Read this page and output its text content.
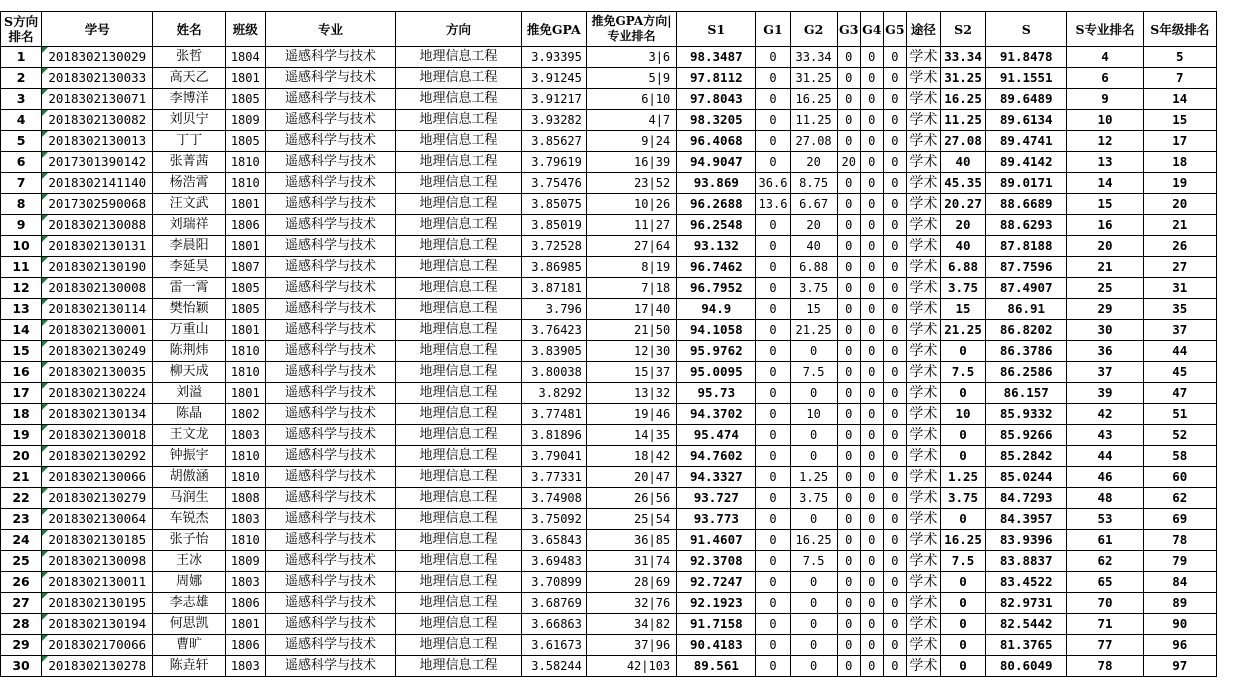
S方向排名	学号	姓名	班级	专业	方向	推免GPA	推免GPA方向|专业排名	S1	G1	G2	G3	G4	G5	途径	S2	S	S专业排名	S年级排名
1	2018302130029	张哲	1804	遥感科学与技术	地理信息工程	3.93395	3|6	98.3487	0	33.34	0	0	0	学术	33.34	91.8478	4	5
2	2018302130033	高天乙	1801	遥感科学与技术	地理信息工程	3.91245	5|9	97.8112	0	31.25	0	0	0	学术	31.25	91.1551	6	7
3	2018302130071	李博洋	1805	遥感科学与技术	地理信息工程	3.91217	6|10	97.8043	0	16.25	0	0	0	学术	16.25	89.6489	9	14
4	2018302130082	刘贝宁	1809	遥感科学与技术	地理信息工程	3.93282	4|7	98.3205	0	11.25	0	0	0	学术	11.25	89.6134	10	15
5	2018302130013	丁丁	1805	遥感科学与技术	地理信息工程	3.85627	9|24	96.4068	0	27.08	0	0	0	学术	27.08	89.4741	12	17
6	2017301390142	张菁茜	1810	遥感科学与技术	地理信息工程	3.79619	16|39	94.9047	0	20	20	0	0	学术	40	89.4142	13	18
7	2018302141140	杨浩霄	1810	遥感科学与技术	地理信息工程	3.75476	23|52	93.869	36.6	8.75	0	0	0	学术	45.35	89.0171	14	19
8	2017302590068	汪文武	1801	遥感科学与技术	地理信息工程	3.85075	10|26	96.2688	13.6	6.67	0	0	0	学术	20.27	88.6689	15	20
9	2018302130088	刘瑞祥	1806	遥感科学与技术	地理信息工程	3.85019	11|27	96.2548	0	20	0	0	0	学术	20	88.6293	16	21
10	2018302130131	李晨阳	1801	遥感科学与技术	地理信息工程	3.72528	27|64	93.132	0	40	0	0	0	学术	40	87.8188	20	26
11	2018302130190	李延昊	1807	遥感科学与技术	地理信息工程	3.86985	8|19	96.7462	0	6.88	0	0	0	学术	6.88	87.7596	21	27
12	2018302130008	雷一霄	1805	遥感科学与技术	地理信息工程	3.87181	7|18	96.7952	0	3.75	0	0	0	学术	3.75	87.4907	25	31
13	2018302130114	樊怡颖	1805	遥感科学与技术	地理信息工程	3.796	17|40	94.9	0	15	0	0	0	学术	15	86.91	29	35
14	2018302130001	万重山	1801	遥感科学与技术	地理信息工程	3.76423	21|50	94.1058	0	21.25	0	0	0	学术	21.25	86.8202	30	37
15	2018302130249	陈荆炜	1810	遥感科学与技术	地理信息工程	3.83905	12|30	95.9762	0	0	0	0	0	学术	0	86.3786	36	44
16	2018302130035	柳天成	1810	遥感科学与技术	地理信息工程	3.80038	15|37	95.0095	0	7.5	0	0	0	学术	7.5	86.2586	37	45
17	2018302130224	刘溢	1801	遥感科学与技术	地理信息工程	3.8292	13|32	95.73	0	0	0	0	0	学术	0	86.157	39	47
18	2018302130134	陈晶	1802	遥感科学与技术	地理信息工程	3.77481	19|46	94.3702	0	10	0	0	0	学术	10	85.9332	42	51
19	2018302130018	王文龙	1803	遥感科学与技术	地理信息工程	3.81896	14|35	95.474	0	0	0	0	0	学术	0	85.9266	43	52
20	2018302130292	钟振宇	1810	遥感科学与技术	地理信息工程	3.79041	18|42	94.7602	0	0	0	0	0	学术	0	85.2842	44	58
21	2018302130066	胡傲涵	1810	遥感科学与技术	地理信息工程	3.77331	20|47	94.3327	0	1.25	0	0	0	学术	1.25	85.0244	46	60
22	2018302130279	马润生	1808	遥感科学与技术	地理信息工程	3.74908	26|56	93.727	0	3.75	0	0	0	学术	3.75	84.7293	48	62
23	2018302130064	车锐杰	1803	遥感科学与技术	地理信息工程	3.75092	25|54	93.773	0	0	0	0	0	学术	0	84.3957	53	69
24	2018302130185	张子怡	1810	遥感科学与技术	地理信息工程	3.65843	36|85	91.4607	0	16.25	0	0	0	学术	16.25	83.9396	61	78
25	2018302130098	王冰	1809	遥感科学与技术	地理信息工程	3.69483	31|74	92.3708	0	7.5	0	0	0	学术	7.5	83.8837	62	79
26	2018302130011	周娜	1803	遥感科学与技术	地理信息工程	3.70899	28|69	92.7247	0	0	0	0	0	学术	0	83.4522	65	84
27	2018302130195	李志雄	1806	遥感科学与技术	地理信息工程	3.68769	32|76	92.1923	0	0	0	0	0	学术	0	82.9731	70	89
28	2018302130194	何思凯	1801	遥感科学与技术	地理信息工程	3.66863	34|82	91.7158	0	0	0	0	0	学术	0	82.5442	71	90
29	2018302170066	曹旷	1806	遥感科学与技术	地理信息工程	3.61673	37|96	90.4183	0	0	0	0	0	学术	0	81.3765	77	96
30	2018302130278	陈垚轩	1803	遥感科学与技术	地理信息工程	3.58244	42|103	89.561	0	0	0	0	0	学术	0	80.6049	78	97
